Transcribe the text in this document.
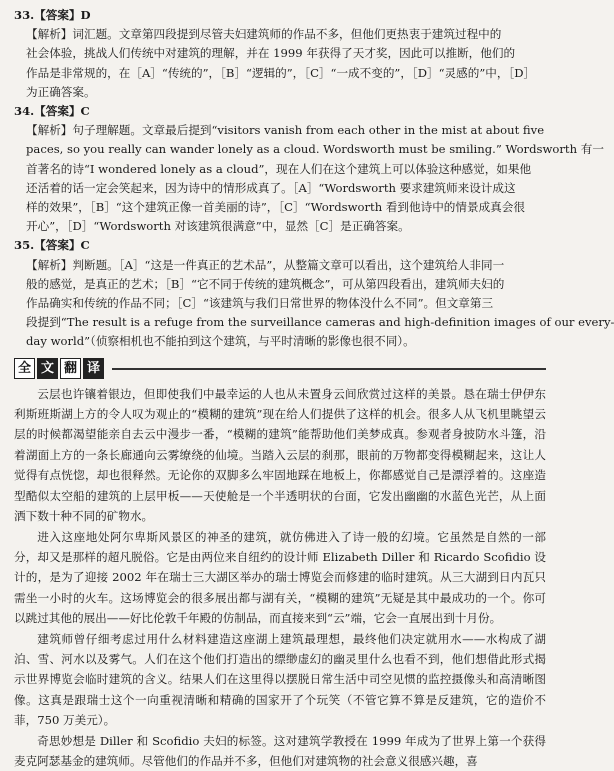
33.【答案】D
【解析】词汇题。文章第四段提到尽管夫妇建筑师的作品不多，但他们更热衷于建筑过程中的
社会体验，挑战人们传统中对建筑的理解，并在 1999 年获得了天才奖，因此可以推断，他们的
作品是非常规的，在［A］“传统的”，［B］“逻辑的”，［C］“一成不变的”，［D］“灵感的”中，［D］
为正确答案。
34.【答案】C
【解析】句子理解题。文章最后提到“visitors vanish from each other in the mist at about five
paces, so you really can wander lonely as a cloud. Wordsworth must be smiling.” Wordsworth 有一
首著名的诗“I wondered lonely as a cloud”，现在人们在这个建筑上可以体验这种感觉，如果他
还活着的话一定会笑起来，因为诗中的情形成真了。［A］“Wordsworth 要求建筑师来设计成这
样的效果”，［B］“这个建筑正像一首美丽的诗”，［C］“Wordsworth 看到他诗中的情景成真会很
开心”，［D］“Wordsworth 对该建筑很满意”中，显然［C］是正确答案。
35.【答案】C
【解析】判断题。［A］“这是一件真正的艺术品”，从整篇文章可以看出，这个建筑给人非同一
般的感觉，是真正的艺术；［B］“它不同于传统的建筑概念”，可从第四段看出，建筑师夫妇的
作品确实和传统的作品不同；［C］“该建筑与我们日常世界的物体没什么不同”。但文章第三
段提到“The result is a refuge from the surveillance cameras and high-definition images of our every-
day world”（侦察相机也不能拍到这个建筑，与平时清晰的影像也很不同）。
全 文 翻 译

云层也许镶着银边，但即使我们中最幸运的人也从未置身云间欣赏过这样的美景。恳在瑞士伊伊东利斯班斯湖上方的令人叹为观止的“模糊的建筑”现在给人们提供了这样的机会。很多人从飞机里眺望云层的时候都渴望能亲自去云中漫步一番，“模糊的建筑”能帮助他们美梦成真。参观者身披防水斗篷，沿着湖面上方的一条长廊通向云雾缭绕的仙境。当踏入云层的刹那，眼前的万物都变得模糊起来，这让人觉得有点恍惚，却也很释然。无论你的双脚多么牢固地踩在地板上，你都感觉自己是漂浮着的。这座造型酷似太空船的建筑的上层甲板——天使舱是一个半透明状的台面，它发出幽幽的水蓝色光芒，从上面洒下数十种不同的矿物水。

进入这座地处阿尔卑斯风景区的神圣的建筑，就仿佛进入了诗一般的幻境。它虽然是自然的一部分，却又是那样的超凡脱俗。它是由两位来自纽约的设计师 Elizabeth Diller 和 Ricardo Scofidio 设计的，是为了迎接 2002 年在瑞士三大湖区举办的瑞士博览会而修建的临时建筑。从三大湖到日内瓦只需坐一小时的火车。这场博览会的很多展出都与湖有关，“模糊的建筑”无疑是其中最成功的一个。你可以跳过其他的展出——好比伦敦千年殿的仿制品，而直接来到“云”端，它会一直展出到十月份。

建筑师曾仔细考虑过用什么材料建造这座湖上建筑最理想，最终他们决定就用水——水构成了湖泊、雪、河水以及雾气。人们在这个他们打造出的缥缈虚幻的幽灵里什么也看不到，他们想借此形式揭示世界博览会临时建筑的含义。结果人们在这里得以摆脱日常生活中司空见惯的监控摄像头和高清晰图像。这真是跟瑞士这个一向重视清晰和精确的国家开了个玩笑（不管它算不算是反建筑，它的造价不菲，750 万美元）。

奇思妙想是 Diller 和 Scofidio 夫妇的标签。这对建筑学教授在 1999 年成为了世界上第一个获得麦克阿瑟基金的建筑师。尽管他们的作品并不多，但他们对建筑物的社会意义很感兴趣，喜
